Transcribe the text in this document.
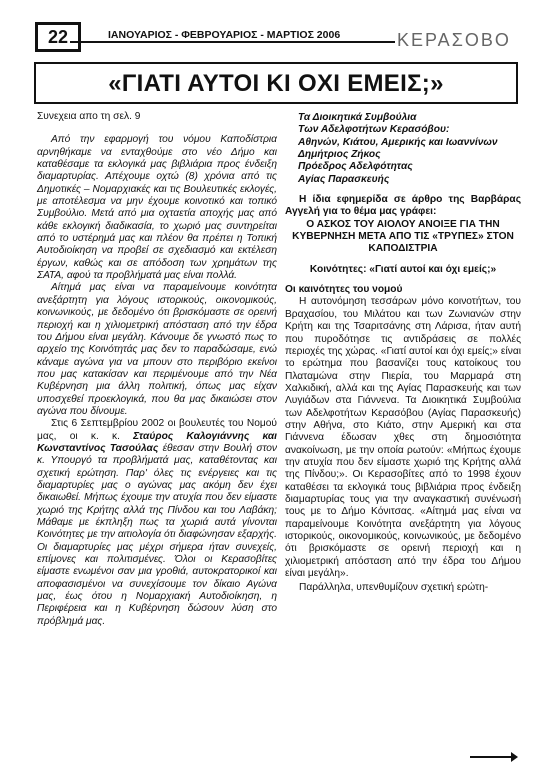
22	ΙΑΝΟΥΑΡΙΟΣ - ΦΕΒΡΟΥΑΡΙΟΣ - ΜΑΡΤΙΟΣ 2006	ΚΕΡΑΣΟΒΟ
«ΓΙΑΤΙ ΑΥΤΟΙ ΚΙ ΟΧΙ ΕΜΕΙΣ;»

Συνεχεια απο τη σελ. 9

Από την εφαρμογή του νόμου Καποδίστρια αρνηθήκαμε να ενταχθούμε στο νέο Δήμο και καταθέσαμε τα εκλογικά μας βιβλιάρια προς ένδειξη διαμαρτυρίας. Απέχουμε οχτώ (8) χρόνια από τις Δημοτικές – Νομαρχιακές και τις Βουλευτικές εκλογές, με αποτέλεσμα να μην έχουμε κοινοτικό και τοπικό Συμβούλιο. Μετά από μια οχταετία αποχής μας από κάθε εκλογική διαδικασία, το χωριό μας συντηρείται από το υστέρημά μας και πλέον θα πρέπει η Τοπική Αυτοδιοίκηση να προβεί σε σχεδιασμό και εκτέλεση έργων, καθώς και σε απόδοση των χρημάτων της ΣΑΤΑ, αφού τα προβλήματά μας είναι πολλά.

Αίτημά μας είναι να παραμείνουμε κοινότητα ανεξάρτητη για λόγους ιστορικούς, οικονομικούς, κοινωνικούς, με δεδομένο ότι βρισκόμαστε σε ορεινή περιοχή και η χιλιομετρική απόσταση από την έδρα του Δήμου είναι μεγάλη. Κάνουμε δε γνωστό πως το αρχείο της Κοινότητάς μας δεν το παραδώσαμε, ενώ κάναμε αγώνα για να μπουν στο περιβόριο εκείνοι που μας κατακίσαν και περιμένουμε από την Νέα Κυβέρνηση μια άλλη πολιτική, όπως μας είχαν υποσχεθεί προεκλογικά, που θα μας δικαιώσει στον αγώνα που δίνουμε.

Στις 6 Σεπτεμβρίου 2002 οι βουλευτές του Νομού μας, οι κ. κ. Σταύρος Καλογιάννης και Κωνσταντίνος Τασούλας έθεσαν στην Βουλή στον κ. Υπουργό τα προβλήματά μας, καταθέτοντας και σχετική ερώτηση. Παρ' όλες τις ενέργειες και τις διαμαρτυρίες μας ο αγώνας μας ακόμη δεν έχει δικαιωθεί. Μήπως έχουμε την ατυχία που δεν είμαστε χωριό της Κρήτης αλλά της Πίνδου και του Λαβάκη; Μάθαμε με έκπληξη πως τα χωριά αυτά γίνονται Κοινότητες με την αιτιολογία ότι διαφώνησαν εξαρχής. Οι διαμαρτυρίες μας μέχρι σήμερα ήταν συνεχείς, επίμονες και πολιτισμένες. Όλοι οι Κερασοβίτες είμαστε ενωμένοι σαν μια γροθιά, αυτοκρατορικοί και αποφασισμένοι να συνεχίσουμε τον δίκαιο Αγώνα μας, έως ότου η Νομαρχιακή Αυτοδιοίκηση, η Περιφέρεια και η Κυβέρνηση δώσουν λύση στο πρόβλημά μας.

Τα Διοικητικά Συμβούλια
Των Αδελφοτήτων Κερασόβου:
Αθηνών, Κιάτου, Αμερικής και Ιωαννίνων
Δημήτριος Ζήκος
Πρόεδρος Αδελφότητας
Αγίας Παρασκευής

Η ίδια εφημερίδα σε άρθρο της Βαρβάρας Αγγελή για το θέμα μας γράφει:

Ο ΑΣΚΟΣ ΤΟΥ ΑΙΟΛΟΥ ΑΝΟΙΞΕ ΓΙΑ ΤΗΝ ΚΥΒΕΡΝΗΣΗ ΜΕΤΑ ΑΠΟ ΤΙΣ «ΤΡΥΠΕΣ» ΣΤΟΝ ΚΑΠΟΔΙΣΤΡΙΑ

Κοινότητες: «Γιατί αυτοί και όχι εμείς;»

Οι καινότητες του νομού

Η αυτονόμηση τεσσάρων μόνο κοινοτήτων, του Βραχασίου, του Μιλάτου και των Ζωνιανών στην Κρήτη και της Τσαριτσάνης στη Λάρισα, ήταν αυτή που πυροδότησε τις αντιδράσεις σε πολλές περιοχές της χώρας. «Γιατί αυτοί και όχι εμείς;» είναι το ερώτημα που βασανίζει τους κατοίκους του Πλαταμώνα στην Πιερία, του Μαρμαρά στη Χαλκιδική, αλλά και της Αγίας Παρασκευής και των Λυγιάδων στα Γιάννενα. Τα Διοικητικά Συμβούλια των Αδελφοτήτων Κερασόβου (Αγίας Παρασκευής) στην Αθήνα, στο Κιάτο, στην Αμερική και στα Γιάννενα έδωσαν χθες στη δημοσιότητα ανακοίνωση, με την οποία ρωτούν: «Μήπως έχουμε την ατυχία που δεν είμαστε χωριό της Κρήτης αλλά της Πίνδου;». Οι Κερασοβίτες από το 1998 έχουν καταθέσει τα εκλογικά τους βιβλιάρια προς ένδειξη διαμαρτυρίας τους για την αναγκαστική συνένωσή τους με το Δήμο Κόνιτσας. «Αίτημά μας είναι να παραμείνουμε Κοινότητα ανεξάρτητη για λόγους ιστορικούς, οικονομικούς, κοινωνικούς, με δεδομένο ότι βρισκόμαστε σε ορεινή περιοχή και η χιλιομετρική απόσταση από την έδρα του Δήμου είναι μεγάλη».

Παράλληλα, υπενθυμίζουν σχετική ερώτη-
